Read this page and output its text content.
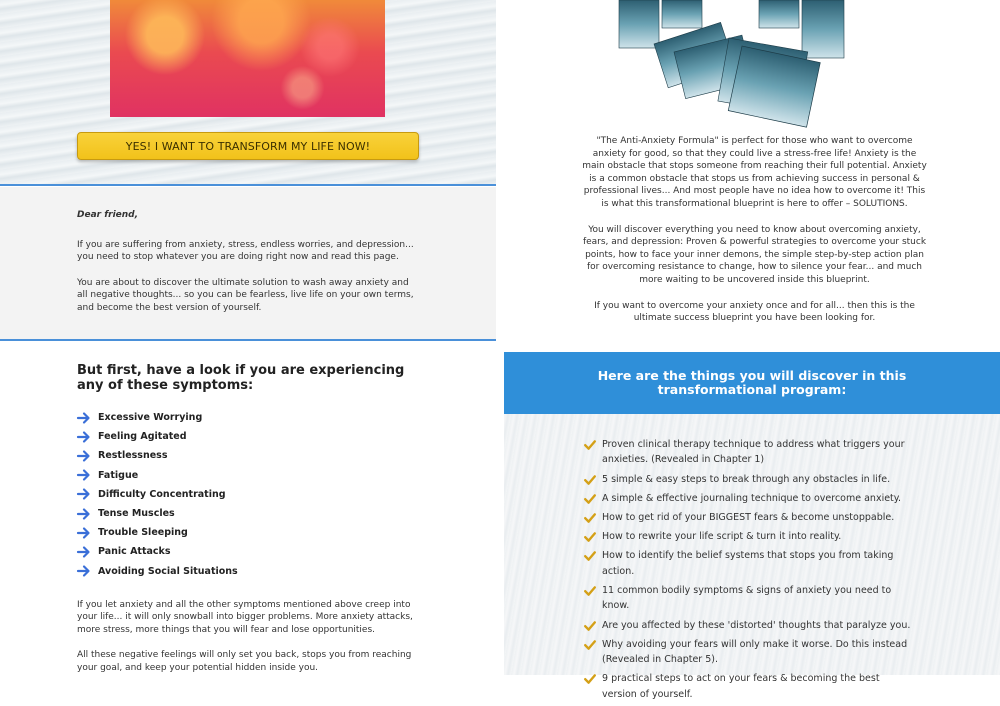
YES! I WANT TO TRANSFORM MY LIFE NOW!

Dear friend,

If you are suffering from anxiety, stress, endless worries, and depression... you need to stop whatever you are doing right now and read this page.

You are about to discover the ultimate solution to wash away anxiety and all negative thoughts... so you can be fearless, live life on your own terms, and become the best version of yourself.

But first, have a look if you are experiencing any of these symptoms:
Excessive Worrying
Feeling Agitated
Restlessness
Fatigue
Difficulty Concentrating
Tense Muscles
Trouble Sleeping
Panic Attacks
Avoiding Social Situations

If you let anxiety and all the other symptoms mentioned above creep into your life... it will only snowball into bigger problems. More anxiety attacks, more stress, more things that you will fear and lose opportunities.

All these negative feelings will only set you back, stops you from reaching your goal, and keep your potential hidden inside you.

"The Anti-Anxiety Formula" is perfect for those who want to overcome anxiety for good, so that they could live a stress-free life! Anxiety is the main obstacle that stops someone from reaching their full potential. Anxiety is a common obstacle that stops us from achieving success in personal & professional lives... And most people have no idea how to overcome it! This is what this transformational blueprint is here to offer – SOLUTIONS.

You will discover everything you need to know about overcoming anxiety, fears, and depression: Proven & powerful strategies to overcome your stuck points, how to face your inner demons, the simple step-by-step action plan for overcoming resistance to change, how to silence your fear... and much more waiting to be uncovered inside this blueprint.

If you want to overcome your anxiety once and for all... then this is the ultimate success blueprint you have been looking for.

Here are the things you will discover in this transformational program:
Proven clinical therapy technique to address what triggers your anxieties. (Revealed in Chapter 1)
5 simple & easy steps to break through any obstacles in life.
A simple & effective journaling technique to overcome anxiety.
How to get rid of your BIGGEST fears & become unstoppable.
How to rewrite your life script & turn it into reality.
How to identify the belief systems that stops you from taking action.
11 common bodily symptoms & signs of anxiety you need to know.
Are you affected by these 'distorted' thoughts that paralyze you.
Why avoiding your fears will only make it worse. Do this instead (Revealed in Chapter 5).
9 practical steps to act on your fears & becoming the best version of yourself.
